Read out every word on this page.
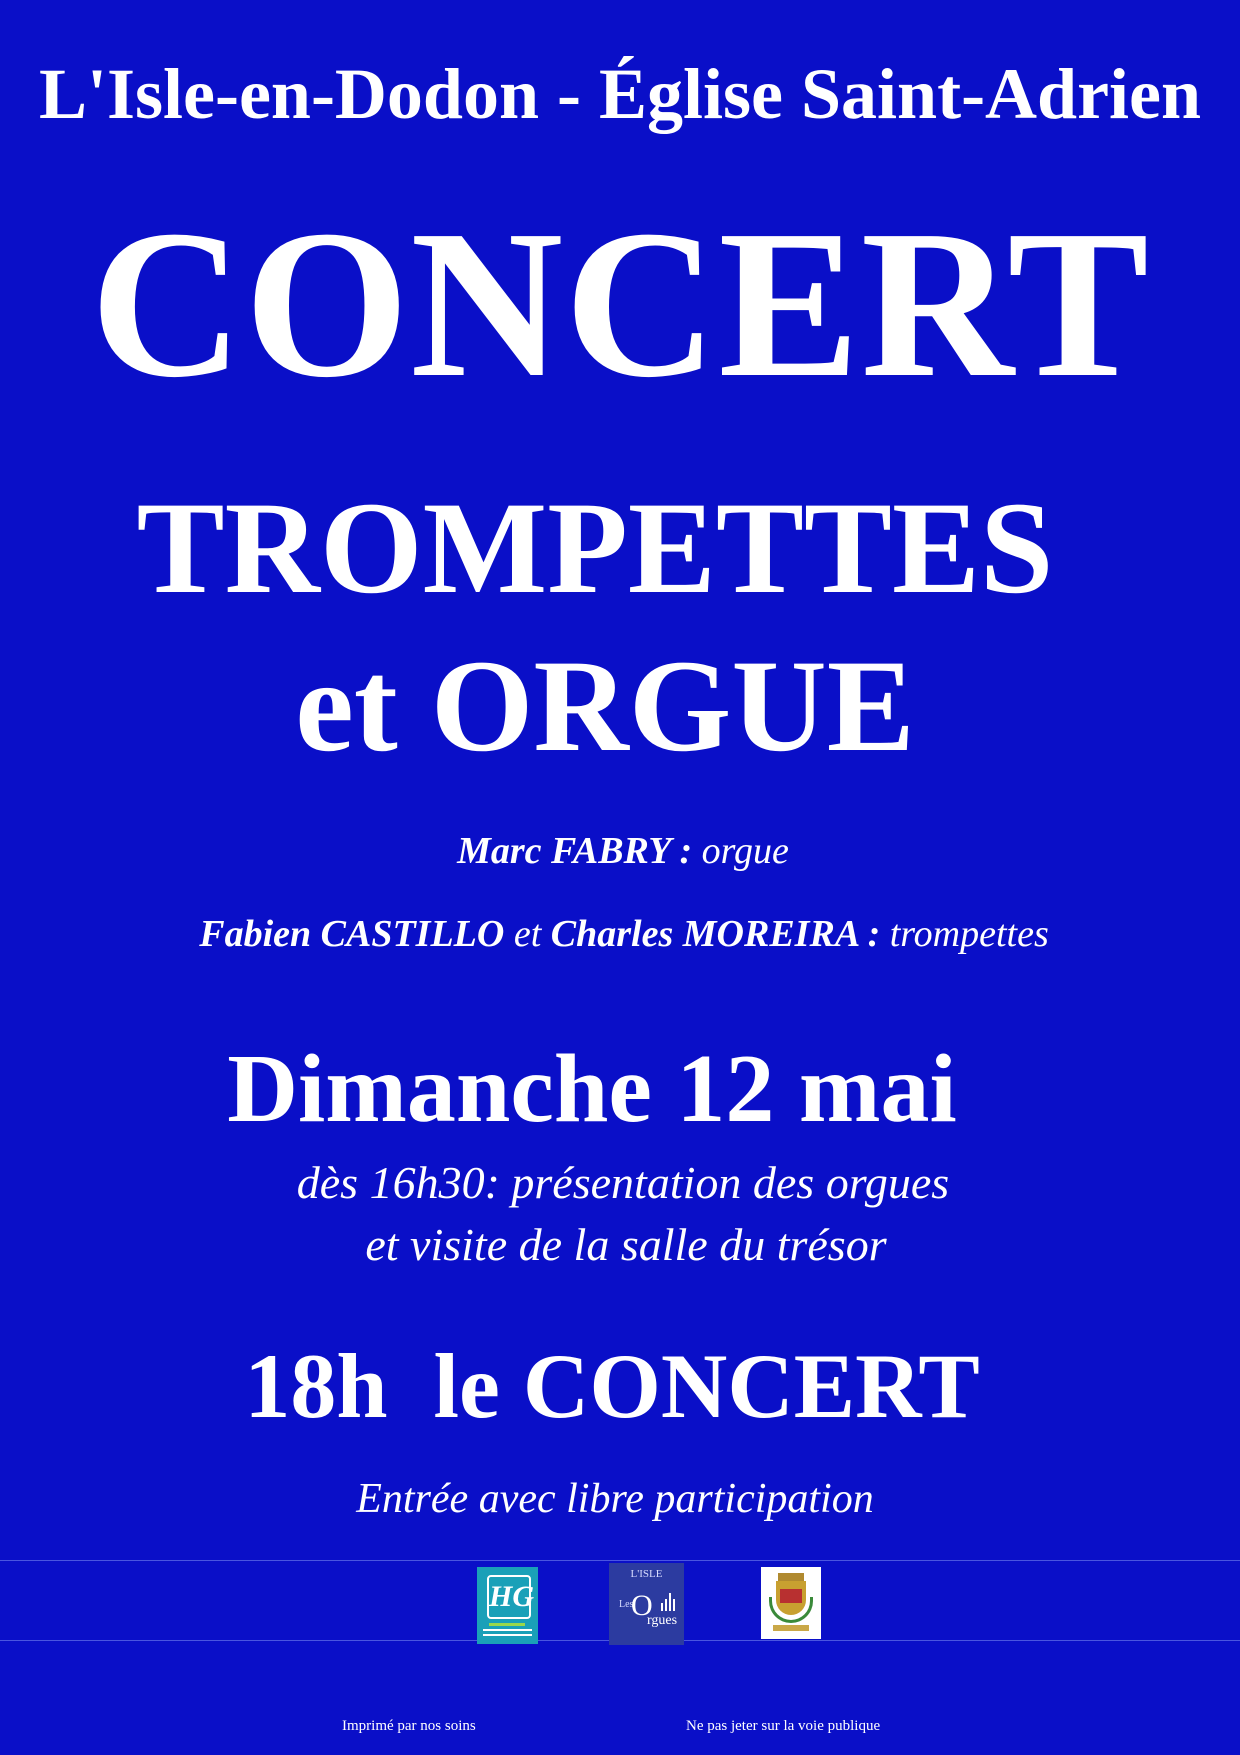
L'Isle-en-Dodon - Église Saint-Adrien
CONCERT
TROMPETTES
et ORGUE
Marc FABRY : orgue
Fabien CASTILLO et Charles MOREIRA : trompettes
Dimanche 12 mai
dès 16h30: présentation des orgues
et visite de la salle du trésor
18h  le CONCERT
Entrée avec libre participation
HG
L'ISLE
Les
O
rgues
Imprimé par nos soins	Ne pas jeter sur la voie publique
